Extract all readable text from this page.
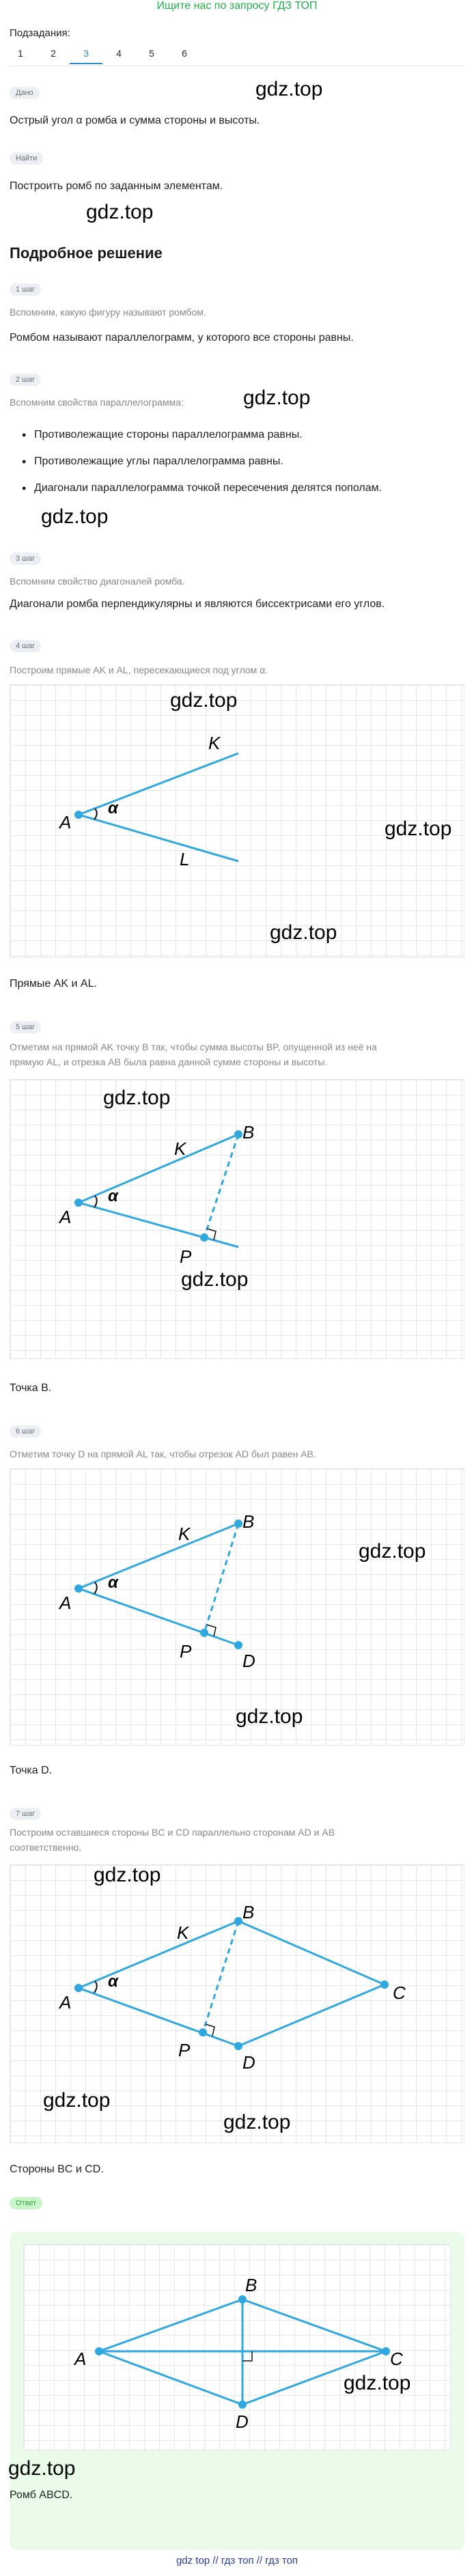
Ищите нас по запросу ГДЗ ТОП
Подзадания:
1	2	3	4	5	6
Дано	gdz.top
Острый угол α ромба и сумма стороны и высоты.
Найти
Построить ромб по заданным элементам.
gdz.top
Подробное решение
1 шаг
Вспомним, какую фигуру называют ромбом.
Ромбом называют параллелограмм, у которого все стороны равны.
2 шаг
Вспомним свойства параллелограмма:	gdz.top
• Противолежащие стороны параллелограмма равны.
• Противолежащие углы параллелограмма равны.
• Диагонали параллелограмма точкой пересечения делятся пополам.
gdz.top
3 шаг
Вспомним свойство диагоналей ромба.
Диагонали ромба перпендикулярны и являются биссектрисами его углов.
4 шаг
Построим прямые AK и AL, пересекающиеся под углом α.
A
α
K
L
gdz.top
gdz.top
gdz.top
Прямые AK и AL.
5 шаг
Отметим на прямой AK точку B так, чтобы сумма высоты BP, опущенной из неё на
прямую AL, и отрезка AB была равна данной сумме стороны и высоты.
A
α
K
B
P
gdz.top
gdz.top
Точка B.
6 шаг
Отметим точку D на прямой AL так, чтобы отрезок AD был равен AB.
A
α
K
B
P	D
gdz.top
gdz.top
Точка D.
7 шаг
Построим оставшиеся стороны BC и CD параллельно сторонам AD и AB
соответственно.
A
α
K
B
P
D
C
gdz.top
gdz.top
gdz.top
Стороны BC и CD.
Ответ
A
B
C
D
gdz.top
gdz.top
Ромб ABCD.
gdz top // гдз топ // гдз топ
